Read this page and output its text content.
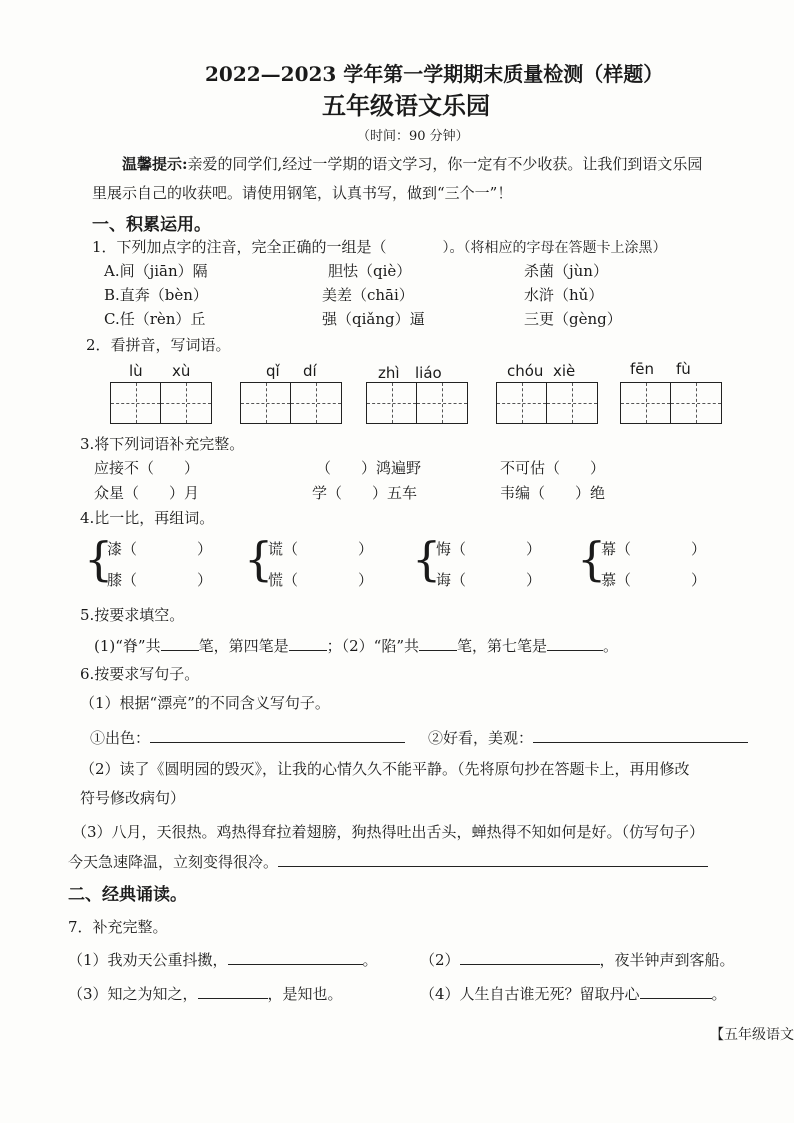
2022—2023 学年第一学期期末质量检测（样题）
五年级语文乐园
（时间：90 分钟）
温馨提示:亲爱的同学们,经过一学期的语文学习，你一定有不少收获。让我们到语文乐园
里展示自己的收获吧。请使用钢笔，认真书写，做到“三个一”！
一、积累运用。
1．下列加点字的注音，完全正确的一组是（	）。（将相应的字母在答题卡上涂黑）
A.间（jiān）隔	胆怯（qiè）	杀菌（jùn）
B.直奔（bèn）	美差（chāi）	水浒（hǔ）
C.任（rèn）丘	强（qiǎng）逼	三更（gèng）
2．看拼音，写词语。
lù xù	qǐ dí	zhì liáo	chóu xiè	fēn fù
3.将下列词语补充完整。
应接不（　　）	（　　）鸿遍野	不可估（　　）
众星（　　）月	学（　　）五车	韦编（　　）绝
4.比一比，再组词。
{
漆（　　　　）
膝（　　　　） {
谎（　　　　）
慌（　　　　） {
悔（　　　　）
诲（　　　　） {
幕（　　　　）
慕（　　　　）
5.按要求填空。
(1)“脊”共	笔，第四笔是	；（2）“陷”共	笔，第七笔是	。
6.按要求写句子。
（1）根据“漂亮”的不同含义写句子。
①出色：	②好看，美观：
（2）读了《圆明园的毁灭》，让我的心情久久不能平静。（先将原句抄在答题卡上，再用修改
符号修改病句）
（3）八月，天很热。鸡热得耷拉着翅膀，狗热得吐出舌头，蝉热得不知如何是好。（仿写句子）
今天急速降温，立刻变得很冷。
二、经典诵读。
7．补充完整。
（1）我劝天公重抖擞，	。	（2）	，夜半钟声到客船。
（3）知之为知之，	，是知也。	（4）人生自古谁无死？留取丹心	。
【五年级语文
